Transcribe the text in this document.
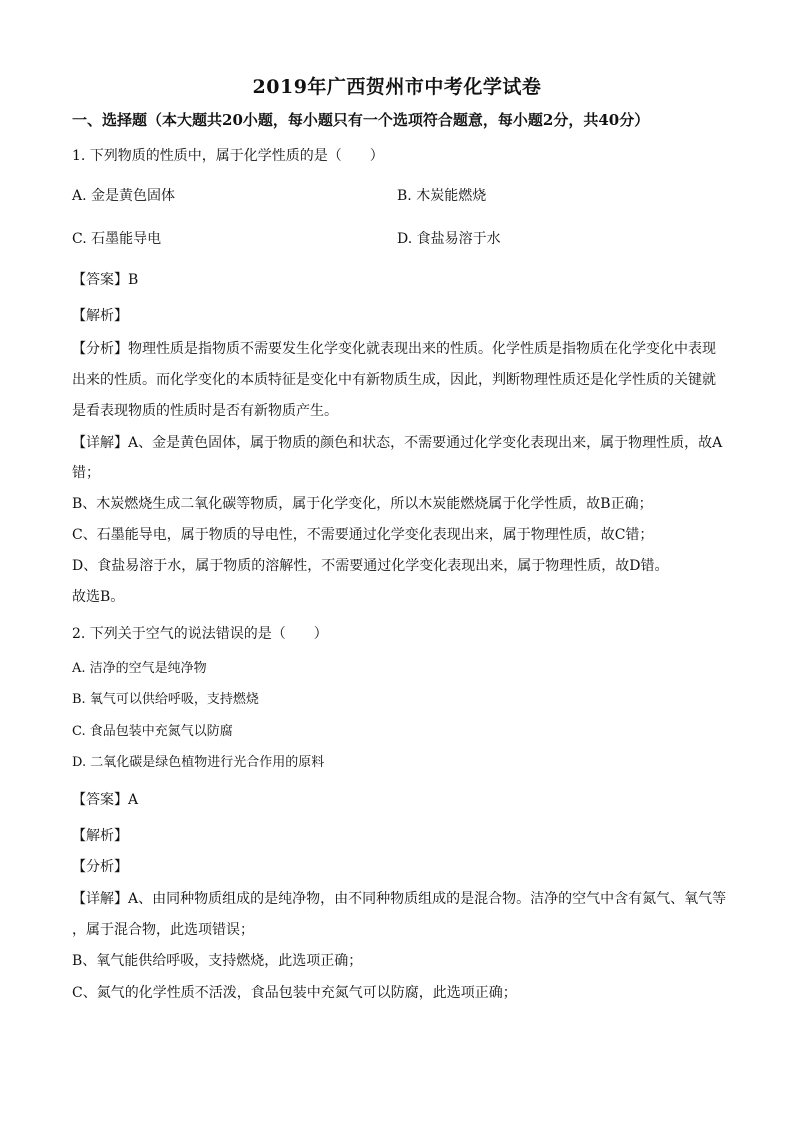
2019年广西贺州市中考化学试卷
一、选择题（本大题共20小题，每小题只有一个选项符合题意，每小题2分，共40分）
1. 下列物质的性质中，属于化学性质的是（　　）
A. 金是黄色固体	B. 木炭能燃烧
C. 石墨能导电	D. 食盐易溶于水
【答案】B
【解析】
【分析】物理性质是指物质不需要发生化学变化就表现出来的性质。化学性质是指物质在化学变化中表现
出来的性质。而化学变化的本质特征是变化中有新物质生成，因此，判断物理性质还是化学性质的关键就
是看表现物质的性质时是否有新物质产生。
【详解】A、金是黄色固体，属于物质的颜色和状态，不需要通过化学变化表现出来，属于物理性质，故A
错；
B、木炭燃烧生成二氧化碳等物质，属于化学变化，所以木炭能燃烧属于化学性质，故B正确；
C、石墨能导电，属于物质的导电性，不需要通过化学变化表现出来，属于物理性质，故C错；
D、食盐易溶于水，属于物质的溶解性，不需要通过化学变化表现出来，属于物理性质，故D错。
故选B。
2. 下列关于空气的说法错误的是（　　）
A. 洁净的空气是纯净物
B. 氧气可以供给呼吸，支持燃烧
C. 食品包装中充氮气以防腐
D. 二氧化碳是绿色植物进行光合作用的原料
【答案】A
【解析】
【分析】
【详解】A、由同种物质组成的是纯净物，由不同种物质组成的是混合物。洁净的空气中含有氮气、氧气等
，属于混合物，此选项错误；
B、氧气能供给呼吸，支持燃烧，此选项正确；
C、氮气的化学性质不活泼，食品包装中充氮气可以防腐，此选项正确；
